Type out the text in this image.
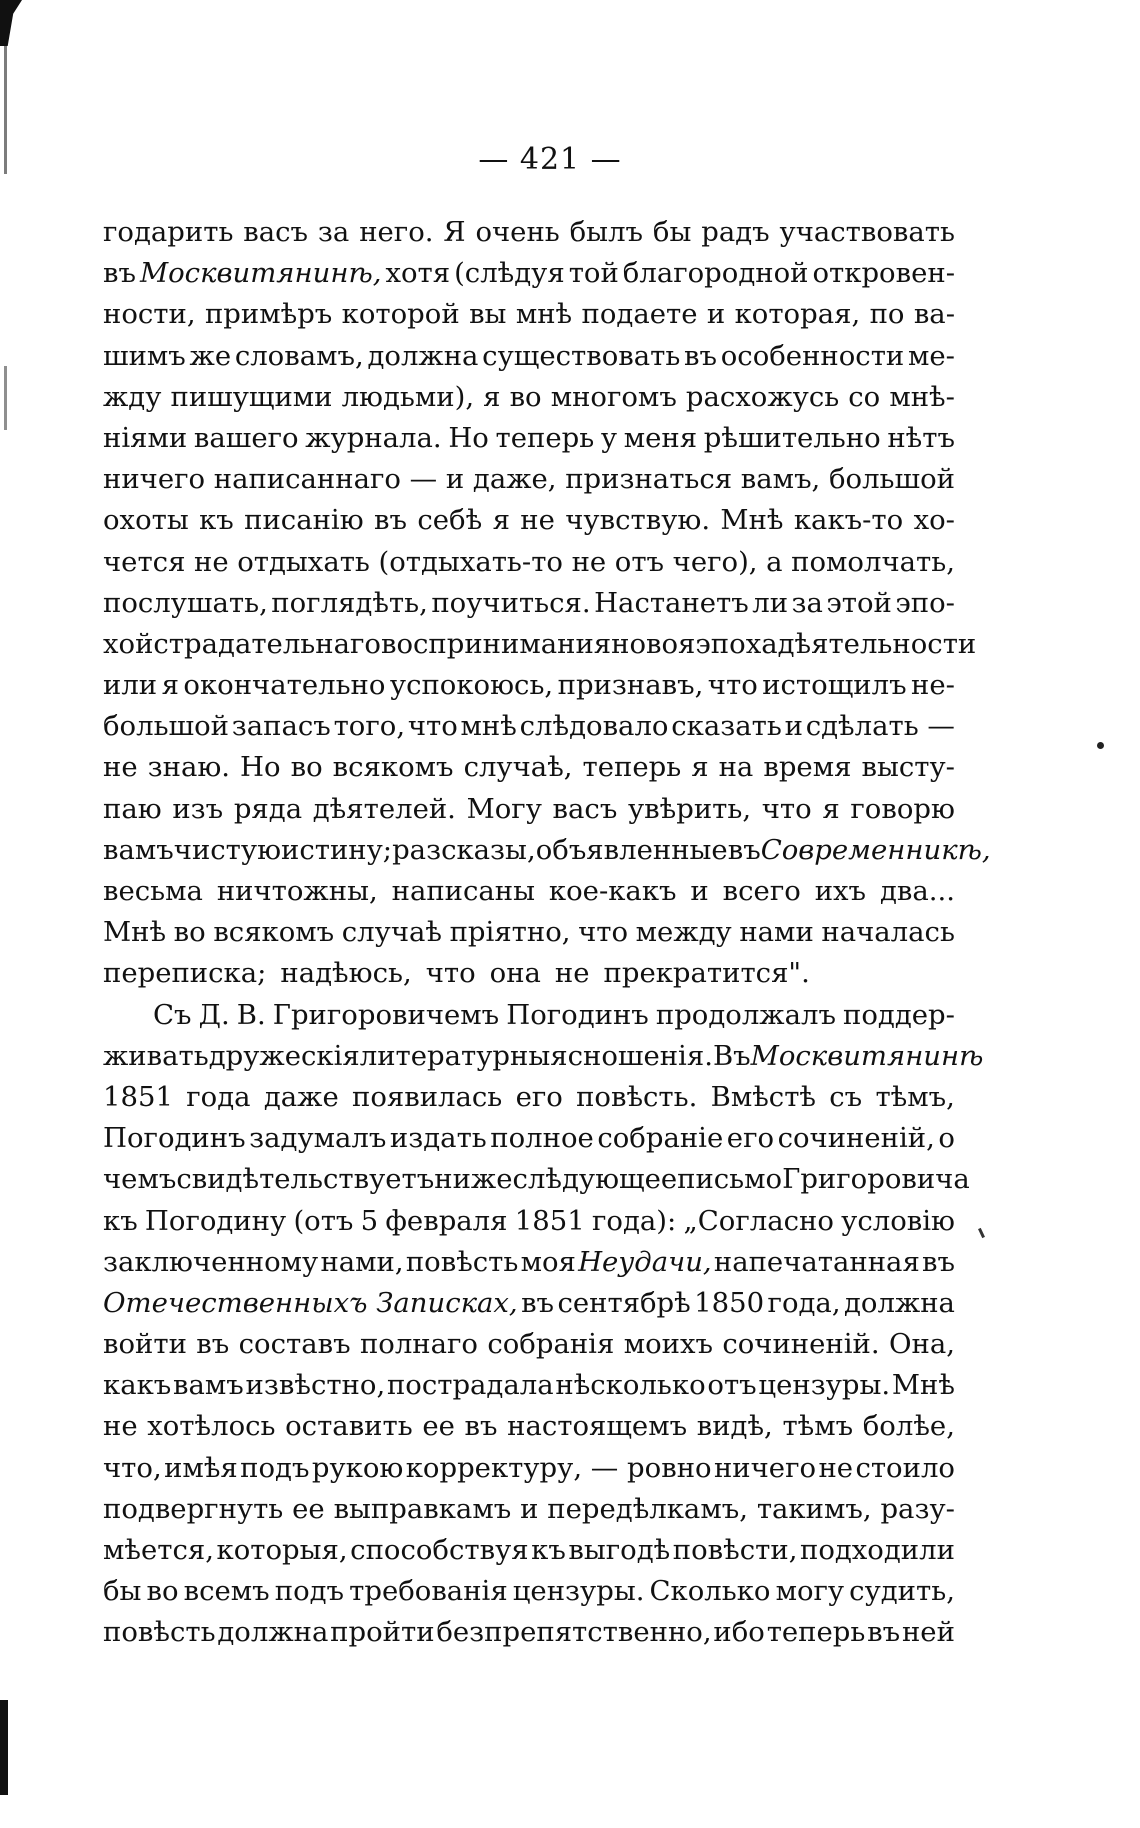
— 421 —
годарить васъ за него. Я очень былъ бы радъ участвовать
въ Москвитянинѣ, хотя (слѣдуя той благородной откровен-
ности, примѣръ которой вы мнѣ подаете и которая, по ва-
шимъ же словамъ, должна существовать въ особенности ме-
жду пишущими людьми), я во многомъ расхожусь со мнѣ-
ніями вашего журнала. Но теперь у меня рѣшительно нѣтъ
ничего написаннаго — и даже, признаться вамъ, большой
охоты къ писанію въ себѣ я не чувствую. Мнѣ какъ-то хо-
чется не отдыхать (отдыхать-то не отъ чего), а помолчать,
послушать, поглядѣть, поучиться. Настанетъ ли за этой эпо-
хой страдательнаго воспринимания новоя эпоха дѣятельности
или я окончательно успокоюсь, признавъ, что истощилъ не-
большой запасъ того, что мнѣ слѣдовало сказать и сдѣлать —
не знаю. Но во всякомъ случаѣ, теперь я на время высту-
паю изъ ряда дѣятелей. Могу васъ увѣрить, что я говорю
вамъ чистую истину; разсказы, объявленные въ Современникѣ,
весьма ничтожны, написаны кое-какъ и всего ихъ два...
Мнѣ во всякомъ случаѣ пріятно, что между нами началась
переписка; надѣюсь, что она не прекратится".
Съ Д. В. Григоровичемъ Погодинъ продолжалъ поддер-
живать дружескія литературныя сношенія. Въ Москвитянинѣ
1851 года даже появилась его повѣсть. Вмѣстѣ съ тѣмъ,
Погодинъ задумалъ издать полное собраніе его сочиненій, о
чемъ свидѣтельствуетъ нижеслѣдующее письмо Григоровича
къ Погодину (отъ 5 февраля 1851 года): „Согласно условію
заключенному нами, повѣсть моя Неудачи, напечатанная въ
Отечественныхъ Записках, въ сентябрѣ 1850 года, должна
войти въ составъ полнаго собранія моихъ сочиненій. Она,
какъ вамъ извѣстно, пострадала нѣсколько отъ цензуры. Мнѣ
не хотѣлось оставить ее въ настоящемъ видѣ, тѣмъ болѣе,
что, имѣя подъ рукою корректуру, — ровно ничего не стоило
подвергнуть ее выправкамъ и передѣлкамъ, такимъ, разу-
мѣется, которыя, способствуя къ выгодѣ повѣсти, подходили
бы во всемъ подъ требованія цензуры. Сколько могу судить,
повѣсть должна пройти безпрепятственно, ибо теперь въ ней
